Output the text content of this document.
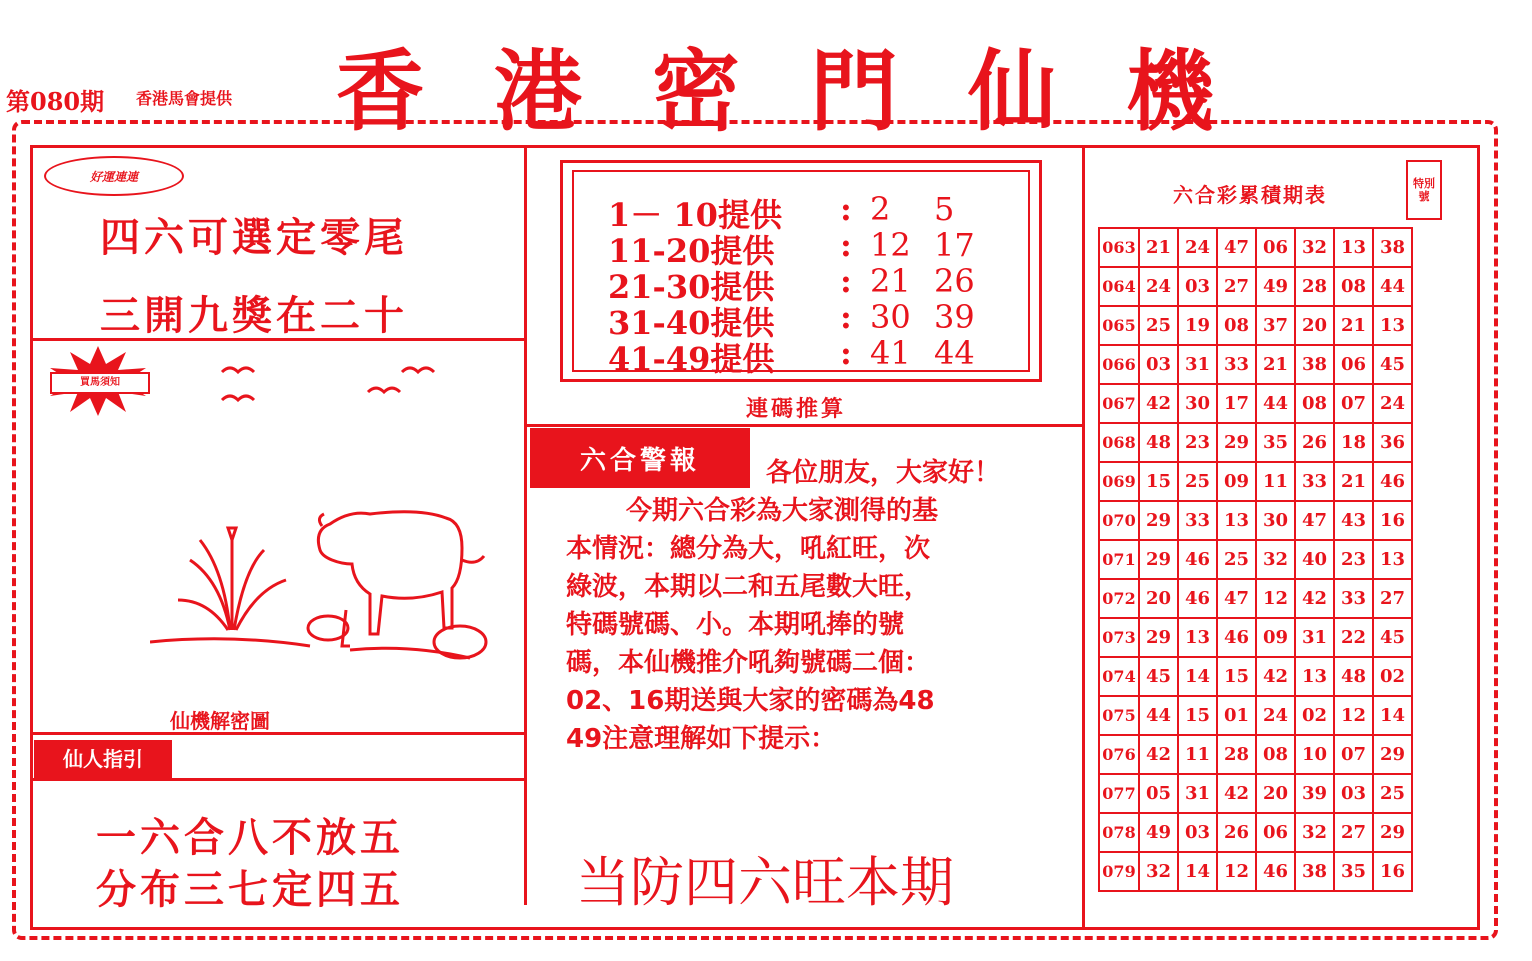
第080期 香港馬會提供 香 港 密 門 仙 機
好運連連
四六可選定零尾
三開九獎在二十
買馬須知
仙機解密圖
仙人指引
一六合八不放五
分布三七定四五
1－ 10提供	: 2	5
11-20提供	: 12 17
21-30提供	: 21 26
31-40提供	: 30 39
41-49提供	: 41 44
連碼推算
六合警報	各位朋友，大家好！

今期六合彩為大家測得的基

本情況：總分為大，吼紅旺，次

綠波，本期以二和五尾數大旺，

特碼號碼、小。本期吼捧的號

碼，本仙機推介吼夠號碼二個：

02、16期送與大家的密碼為48

49注意理解如下提示：

当防四六旺本期
六合彩累積期表	特別號
063	21	24	47	06	32	13	38
064	24	03	27	49	28	08	44
065	25	19	08	37	20	21	13
066	03	31	33	21	38	06	45
067	42	30	17	44	08	07	24
068	48	23	29	35	26	18	36
069	15	25	09	11	33	21	46
070	29	33	13	30	47	43	16
071	29	46	25	32	40	23	13
072	20	46	47	12	42	33	27
073	29	13	46	09	31	22	45
074	45	14	15	42	13	48	02
075	44	15	01	24	02	12	14
076	42	11	28	08	10	07	29
077	05	31	42	20	39	03	25
078	49	03	26	06	32	27	29
079	32	14	12	46	38	35	16
